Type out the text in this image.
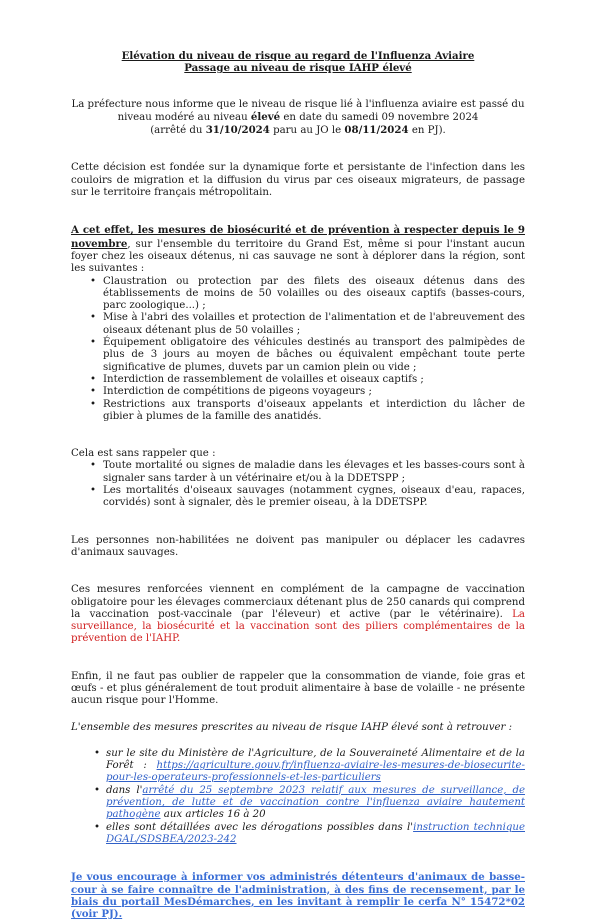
Elévation du niveau de risque au regard de l'Influenza Aviaire

Passage au niveau de risque IAHP élevé

La préfecture nous informe que le niveau de risque lié à l'influenza aviaire est passé du niveau modéré au niveau élevé en date du samedi 09 novembre 2024
(arrêté du 31/10/2024 paru au JO le 08/11/2024 en PJ).

Cette décision est fondée sur la dynamique forte et persistante de l'infection dans les couloirs de migration et la diffusion du virus par ces oiseaux migrateurs, de passage sur le territoire français métropolitain.

A cet effet, les mesures de biosécurité et de prévention à respecter depuis le 9 novembre, sur l'ensemble du territoire du Grand Est, même si pour l'instant aucun foyer chez les oiseaux détenus, ni cas sauvage ne sont à déplorer dans la région, sont les suivantes :

• Claustration ou protection par des filets des oiseaux détenus dans des établissements de moins de 50 volailles ou des oiseaux captifs (basses-cours, parc zoologique...) ;
• Mise à l'abri des volailles et protection de l'alimentation et de l'abreuvement des oiseaux détenant plus de 50 volailles ;
• Équipement obligatoire des véhicules destinés au transport des palmipèdes de plus de 3 jours au moyen de bâches ou équivalent empêchant toute perte significative de plumes, duvets par un camion plein ou vide ;
• Interdiction de rassemblement de volailles et oiseaux captifs ;
• Interdiction de compétitions de pigeons voyageurs ;
• Restrictions aux transports d'oiseaux appelants et interdiction du lâcher de gibier à plumes de la famille des anatidés.

Cela est sans rappeler que :

• Toute mortalité ou signes de maladie dans les élevages et les basses-cours sont à signaler sans tarder à un vétérinaire et/ou à la DDETSPP ;
• Les mortalités d'oiseaux sauvages (notamment cygnes, oiseaux d'eau, rapaces, corvidés) sont à signaler, dès le premier oiseau, à la DDETSPP.

Les personnes non-habilitées ne doivent pas manipuler ou déplacer les cadavres d'animaux sauvages.

Ces mesures renforcées viennent en complément de la campagne de vaccination obligatoire pour les élevages commerciaux détenant plus de 250 canards qui comprend la vaccination post-vaccinale (par l'éleveur) et active (par le vétérinaire). La surveillance, la biosécurité et la vaccination sont des piliers complémentaires de la prévention de l'IAHP.

Enfin, il ne faut pas oublier de rappeler que la consommation de viande, foie gras et œufs - et plus généralement de tout produit alimentaire à base de volaille - ne présente aucun risque pour l'Homme.

L'ensemble des mesures prescrites au niveau de risque IAHP élevé sont à retrouver :

• sur le site du Ministère de l'Agriculture, de la Souveraineté Alimentaire et de la Forêt : https://agriculture.gouv.fr/influenza-aviaire-les-mesures-de-biosecurite-pour-les-operateurs-professionnels-et-les-particuliers
• dans l'arrêté du 25 septembre 2023 relatif aux mesures de surveillance, de prévention, de lutte et de vaccination contre l'influenza aviaire hautement pathogène aux articles 16 à 20
• elles sont détaillées avec les dérogations possibles dans l'instruction technique DGAL/SDSBEA/2023-242

Je vous encourage à informer vos administrés détenteurs d'animaux de basse-cour à se faire connaître de l'administration, à des fins de recensement, par le biais du portail MesDémarches, en les invitant à remplir le cerfa N° 15472*02 (voir PJ).
